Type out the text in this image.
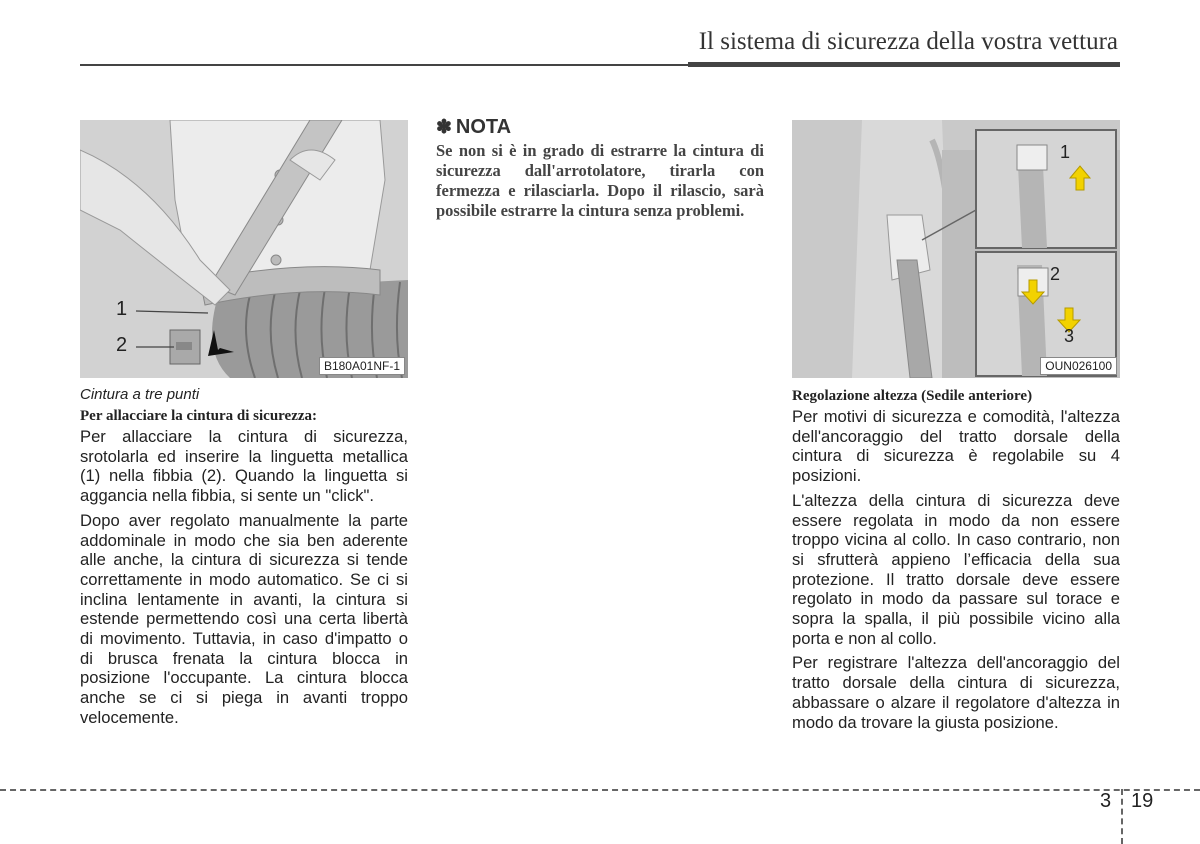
Il sistema di sicurezza della vostra vettura
1
2
B180A01NF-1
Cintura a tre punti
Per allacciare la cintura di sicurezza:

Per allacciare la cintura di sicurezza, srotolarla ed inserire la linguetta metallica (1) nella fibbia (2). Quando la linguetta si aggancia nella fibbia, si sente un "click".

Dopo aver regolato manualmente la parte addominale in modo che sia ben aderente alle anche, la cintura di sicurezza si tende correttamente in modo automatico. Se ci si inclina lentamente in avanti, la cintura si estende permettendo così una certa libertà di movimento. Tuttavia, in caso d'impatto o di brusca frenata la cintura blocca in posizione l'occupante. La cintura blocca anche se ci si piega in avanti troppo velocemente.

✽ NOTA
Se non si è in grado di estrarre la cintura di sicurezza dall'arrotolatore, tirarla con fermezza e rilasciarla. Dopo il rilascio, sarà possibile estrarre la cintura senza problemi.
1
2
3
OUN026100
Regolazione altezza (Sedile anteriore)

Per motivi di sicurezza e comodità, l'altezza dell'ancoraggio del tratto dorsale della cintura di sicurezza è regolabile su 4 posizioni.

L'altezza della cintura di sicurezza deve essere regolata in modo da non essere troppo vicina al collo. In caso contrario, non si sfrutterà appieno l’efficacia della sua protezione. Il tratto dorsale deve essere regolato in modo da passare sul torace e sopra la spalla, il più possibile vicino alla porta e non al collo.

Per registrare l'altezza dell'ancoraggio del tratto dorsale della cintura di sicurezza, abbassare o alzare il regolatore d'altezza in modo da trovare la giusta posizione.

3 19
